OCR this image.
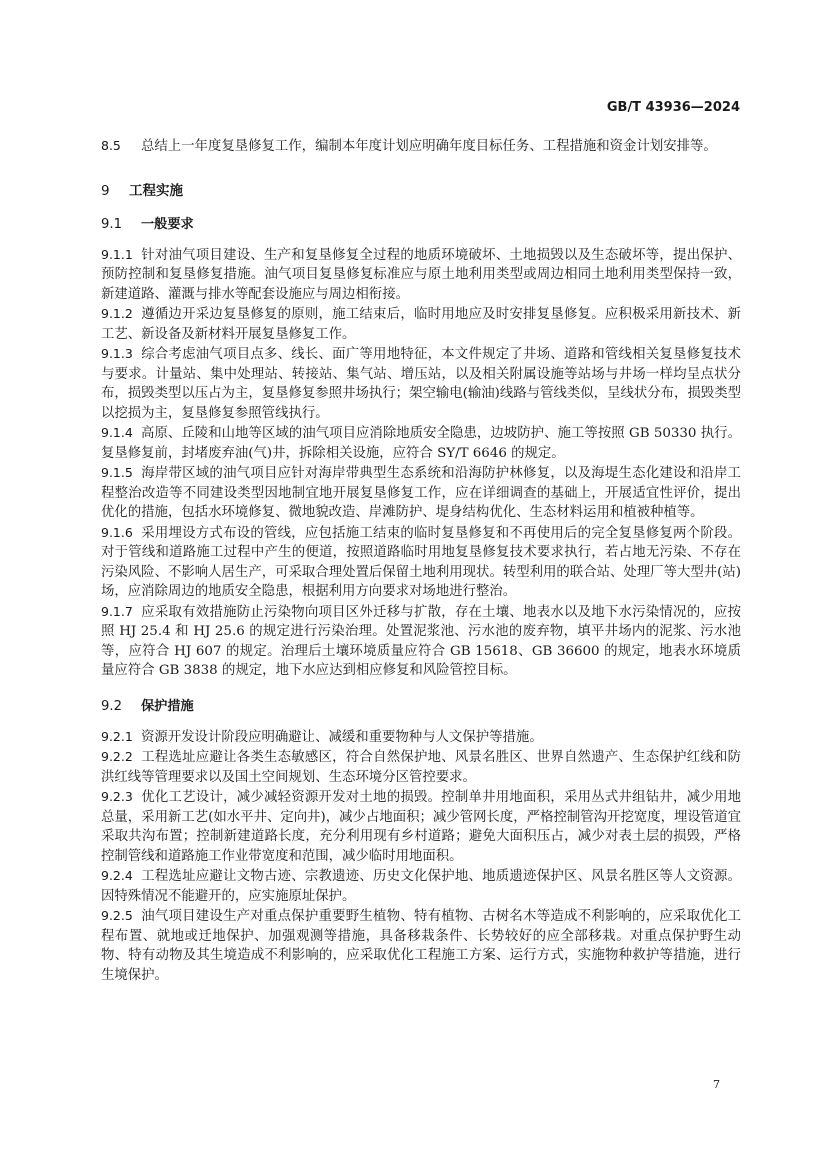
GB/T 43936—2024

8.5 总结上一年度复垦修复工作，编制本年度计划应明确年度目标任务、工程措施和资金计划安排等。

9 工程实施
9.1 一般要求

9.1.1 针对油气项目建设、生产和复垦修复全过程的地质环境破坏、土地损毁以及生态破坏等，提出保护、预防控制和复垦修复措施。油气项目复垦修复标准应与原土地利用类型或周边相同土地利用类型保持一致，新建道路、灌溉与排水等配套设施应与周边相衔接。

9.1.2 遵循边开采边复垦修复的原则，施工结束后，临时用地应及时安排复垦修复。应积极采用新技术、新工艺、新设备及新材料开展复垦修复工作。

9.1.3 综合考虑油气项目点多、线长、面广等用地特征，本文件规定了井场、道路和管线相关复垦修复技术与要求。计量站、集中处理站、转接站、集气站、增压站，以及相关附属设施等站场与井场一样均呈点状分布，损毁类型以压占为主，复垦修复参照井场执行；架空输电(输油)线路与管线类似，呈线状分布，损毁类型以挖损为主，复垦修复参照管线执行。

9.1.4 高原、丘陵和山地等区域的油气项目应消除地质安全隐患，边坡防护、施工等按照 GB 50330 执行。复垦修复前，封堵废弃油(气)井，拆除相关设施，应符合 SY/T 6646 的规定。

9.1.5 海岸带区域的油气项目应针对海岸带典型生态系统和沿海防护林修复，以及海堤生态化建设和沿岸工程整治改造等不同建设类型因地制宜地开展复垦修复工作，应在详细调查的基础上，开展适宜性评价，提出优化的措施，包括水环境修复、微地貌改造、岸滩防护、堤身结构优化、生态材料运用和植被种植等。

9.1.6 采用埋设方式布设的管线，应包括施工结束的临时复垦修复和不再使用后的完全复垦修复两个阶段。对于管线和道路施工过程中产生的便道，按照道路临时用地复垦修复技术要求执行，若占地无污染、不存在污染风险、不影响人居生产，可采取合理处置后保留土地利用现状。转型利用的联合站、处理厂等大型井(站)场，应消除周边的地质安全隐患，根据利用方向要求对场地进行整治。

9.1.7 应采取有效措施防止污染物向项目区外迁移与扩散，存在土壤、地表水以及地下水污染情况的，应按照 HJ 25.4 和 HJ 25.6 的规定进行污染治理。处置泥浆池、污水池的废弃物，填平井场内的泥浆、污水池等，应符合 HJ 607 的规定。治理后土壤环境质量应符合 GB 15618、GB 36600 的规定，地表水环境质量应符合 GB 3838 的规定，地下水应达到相应修复和风险管控目标。

9.2 保护措施

9.2.1 资源开发设计阶段应明确避让、减缓和重要物种与人文保护等措施。

9.2.2 工程选址应避让各类生态敏感区，符合自然保护地、风景名胜区、世界自然遗产、生态保护红线和防洪红线等管理要求以及国土空间规划、生态环境分区管控要求。

9.2.3 优化工艺设计，减少减轻资源开发对土地的损毁。控制单井用地面积，采用丛式井组钻井，减少用地总量，采用新工艺(如水平井、定向井)，减少占地面积；减少管网长度，严格控制管沟开挖宽度，埋设管道宜采取共沟布置；控制新建道路长度，充分利用现有乡村道路；避免大面积压占，减少对表土层的损毁，严格控制管线和道路施工作业带宽度和范围，减少临时用地面积。

9.2.4 工程选址应避让文物古迹、宗教遗迹、历史文化保护地、地质遗迹保护区、风景名胜区等人文资源。因特殊情况不能避开的，应实施原址保护。

9.2.5 油气项目建设生产对重点保护重要野生植物、特有植物、古树名木等造成不利影响的，应采取优化工程布置、就地或迁地保护、加强观测等措施，具备移栽条件、长势较好的应全部移栽。对重点保护野生动物、特有动物及其生境造成不利影响的，应采取优化工程施工方案、运行方式，实施物种救护等措施，进行生境保护。

7
